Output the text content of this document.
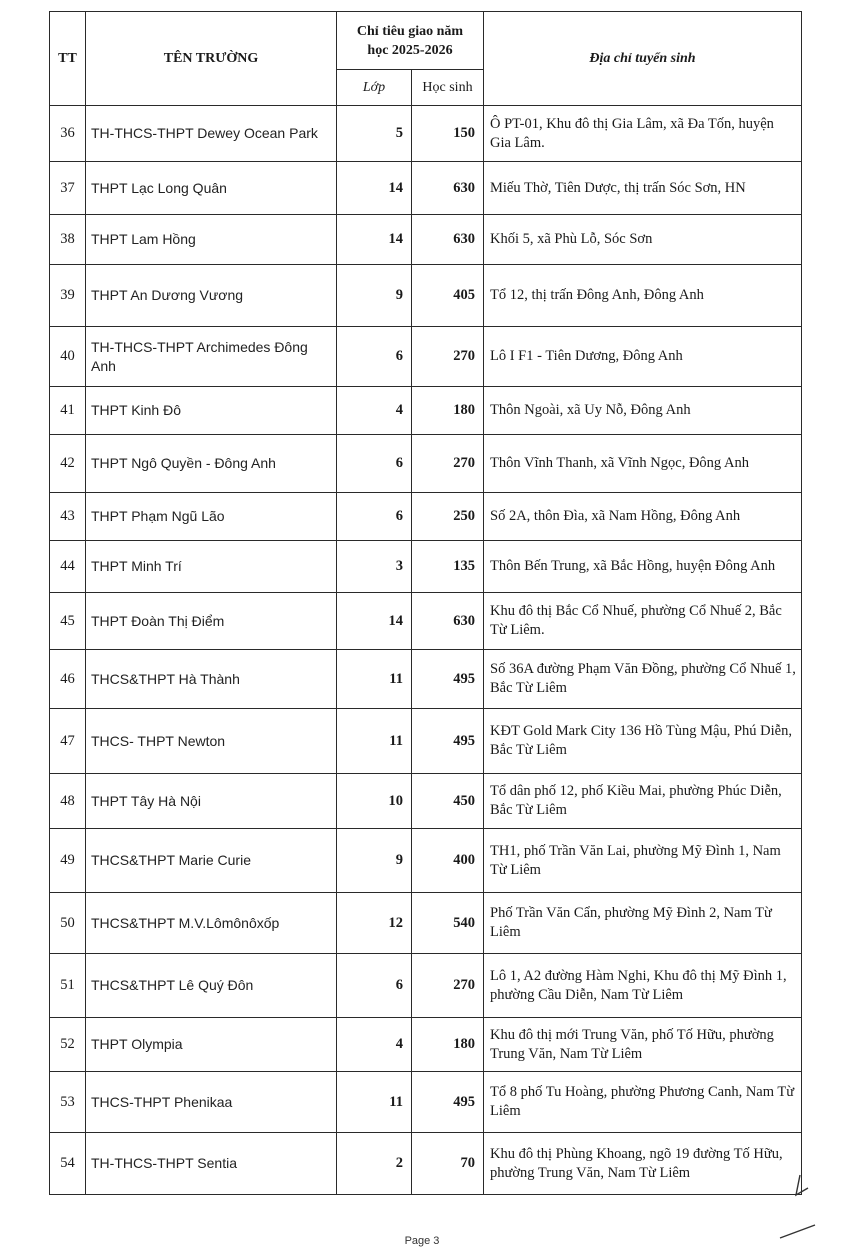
TT	TÊN TRƯỜNG	Chỉ tiêu giao năm học 2025-2026		Địa chỉ tuyển sinh
		Lớp	Học sinh	
36	TH-THCS-THPT Dewey Ocean Park	5	150	Ô PT-01, Khu đô thị Gia Lâm, xã Đa Tốn, huyện Gia Lâm.
37	THPT Lạc Long Quân	14	630	Miếu Thờ, Tiên Dược, thị trấn Sóc Sơn, HN
38	THPT Lam Hồng	14	630	Khối 5, xã Phù Lỗ, Sóc Sơn
39	THPT An Dương Vương	9	405	Tổ 12, thị trấn Đông Anh, Đông Anh
40	TH-THCS-THPT Archimedes Đông Anh	6	270	Lô I F1 - Tiên Dương, Đông Anh
41	THPT Kinh Đô	4	180	Thôn Ngoài, xã Uy Nỗ, Đông Anh
42	THPT Ngô Quyền - Đông Anh	6	270	Thôn Vĩnh Thanh, xã Vĩnh Ngọc, Đông Anh
43	THPT Phạm Ngũ Lão	6	250	Số 2A, thôn Đìa, xã Nam Hồng, Đông Anh
44	THPT Minh Trí	3	135	Thôn Bến Trung, xã Bắc Hồng, huyện Đông Anh
45	THPT Đoàn Thị Điểm	14	630	Khu đô thị Bắc Cổ Nhuế, phường Cổ Nhuế 2, Bắc Từ Liêm.
46	THCS&THPT Hà Thành	11	495	Số 36A đường Phạm Văn Đồng, phường Cổ Nhuế 1, Bắc Từ Liêm
47	THCS- THPT Newton	11	495	KĐT Gold Mark City 136 Hồ Tùng Mậu, Phú Diễn, Bắc Từ Liêm
48	THPT Tây Hà Nội	10	450	Tổ dân phố 12, phố Kiều Mai, phường Phúc Diễn, Bắc Từ Liêm
49	THCS&THPT Marie Curie	9	400	TH1, phố Trần Văn Lai, phường Mỹ Đình 1, Nam Từ Liêm
50	THCS&THPT M.V.Lômônôxốp	12	540	Phố Trần Văn Cẩn, phường Mỹ Đình 2, Nam Từ Liêm
51	THCS&THPT Lê Quý Đôn	6	270	Lô 1, A2 đường Hàm Nghi, Khu đô thị Mỹ Đình 1, phường Cầu Diễn, Nam Từ Liêm
52	THPT Olympia	4	180	Khu đô thị mới Trung Văn, phố Tố Hữu, phường Trung Văn, Nam Từ Liêm
53	THCS-THPT Phenikaa	11	495	Tổ 8 phố Tu Hoàng, phường Phương Canh, Nam Từ Liêm
54	TH-THCS-THPT Sentia	2	70	Khu đô thị Phùng Khoang, ngõ 19 đường Tố Hữu, phường Trung Văn, Nam Từ Liêm
Page 3
